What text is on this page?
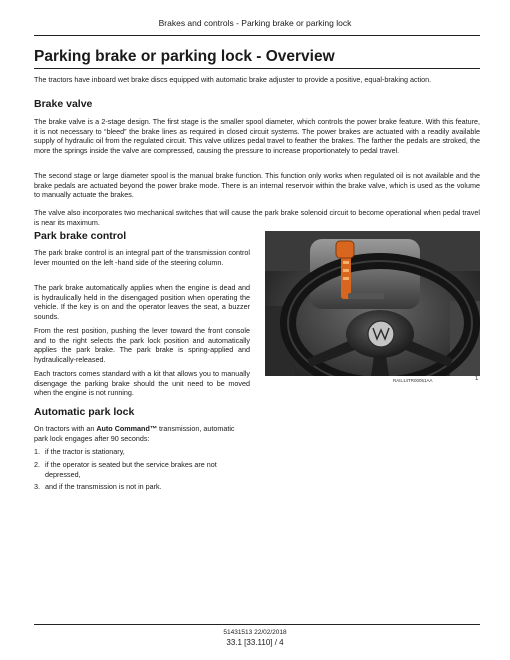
Brakes and controls - Parking brake or parking lock
Parking brake or parking lock - Overview

The tractors have inboard wet brake discs equipped with automatic brake adjuster to provide a positive, equal-braking action.

Brake valve

The brake valve is a 2-stage design. The first stage is the smaller spool diameter, which controls the power brake feature. With this feature, it is not necessary to “bleed” the brake lines as required in closed circuit systems. The power brakes are actuated with a readily available supply of hydraulic oil from the regulated circuit. This valve utilizes pedal travel to feather the brakes. The farther the pedals are stroked, the more the springs inside the valve are compressed, causing the pressure to increase proportionately to pedal travel.

The second stage or large diameter spool is the manual brake function. This function only works when regulated oil is not available and the brake pedals are actuated beyond the power brake mode. There is an internal reservoir within the brake valve, which is used as the volume to manually actuate the brakes.

The valve also incorporates two mechanical switches that will cause the park brake solenoid circuit to become operational when pedal travel is near its maximum.

Park brake control

The park brake control is an integral part of the transmission control lever mounted on the left -hand side of the steering column.

The park brake automatically applies when the engine is dead and is hydraulically held in the disengaged position when operating the vehicle. If the key is on and the operator leaves the seat, a buzzer sounds.

From the rest position, pushing the lever toward the front console and to the right selects the park lock position and automatically applies the park brake. The park brake is spring-applied and hydraulically-released.

Each tractors comes standard with a kit that allows you to manually disengage the parking brake should the unit need to be moved when the engine is not running.

RAIL14TR00051AA	1
Automatic park lock

On tractors with an Auto Command™ transmission, automatic park lock engages after 90 seconds:

1. if the tractor is stationary,
2. if the operator is seated but the service brakes are not depressed,
3. and if the transmission is not in park.
51431513 22/02/2018
33.1 [33.110] / 4
